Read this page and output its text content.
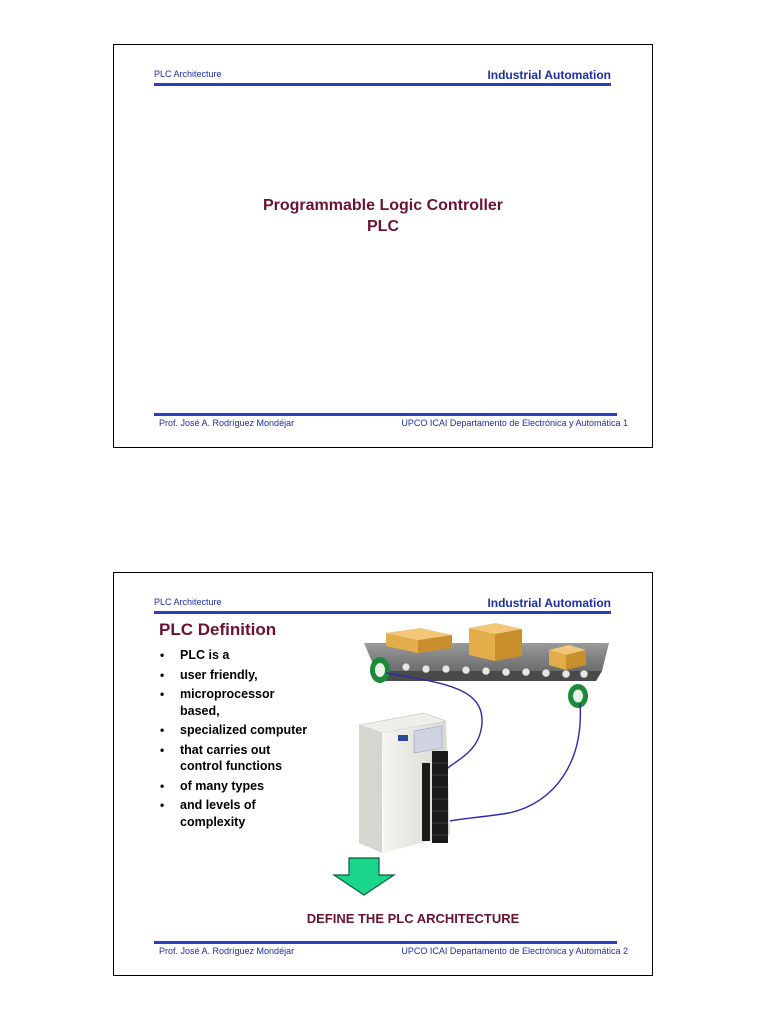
PLC Architecture	Industrial Automation
Programmable Logic Controller
PLC
Prof. José A. Rodríguez Mondéjar	UPCO ICAI Departamento de Electrónica y Automática 1
PLC Architecture	Industrial Automation
PLC Definition
• PLC is a
• user friendly,
• microprocessor based,
• specialized computer
• that carries out control functions
• of many types
• and levels of complexity
DEFINE THE PLC ARCHITECTURE
Prof. José A. Rodríguez Mondéjar	UPCO ICAI Departamento de Electrónica y Automática 2
